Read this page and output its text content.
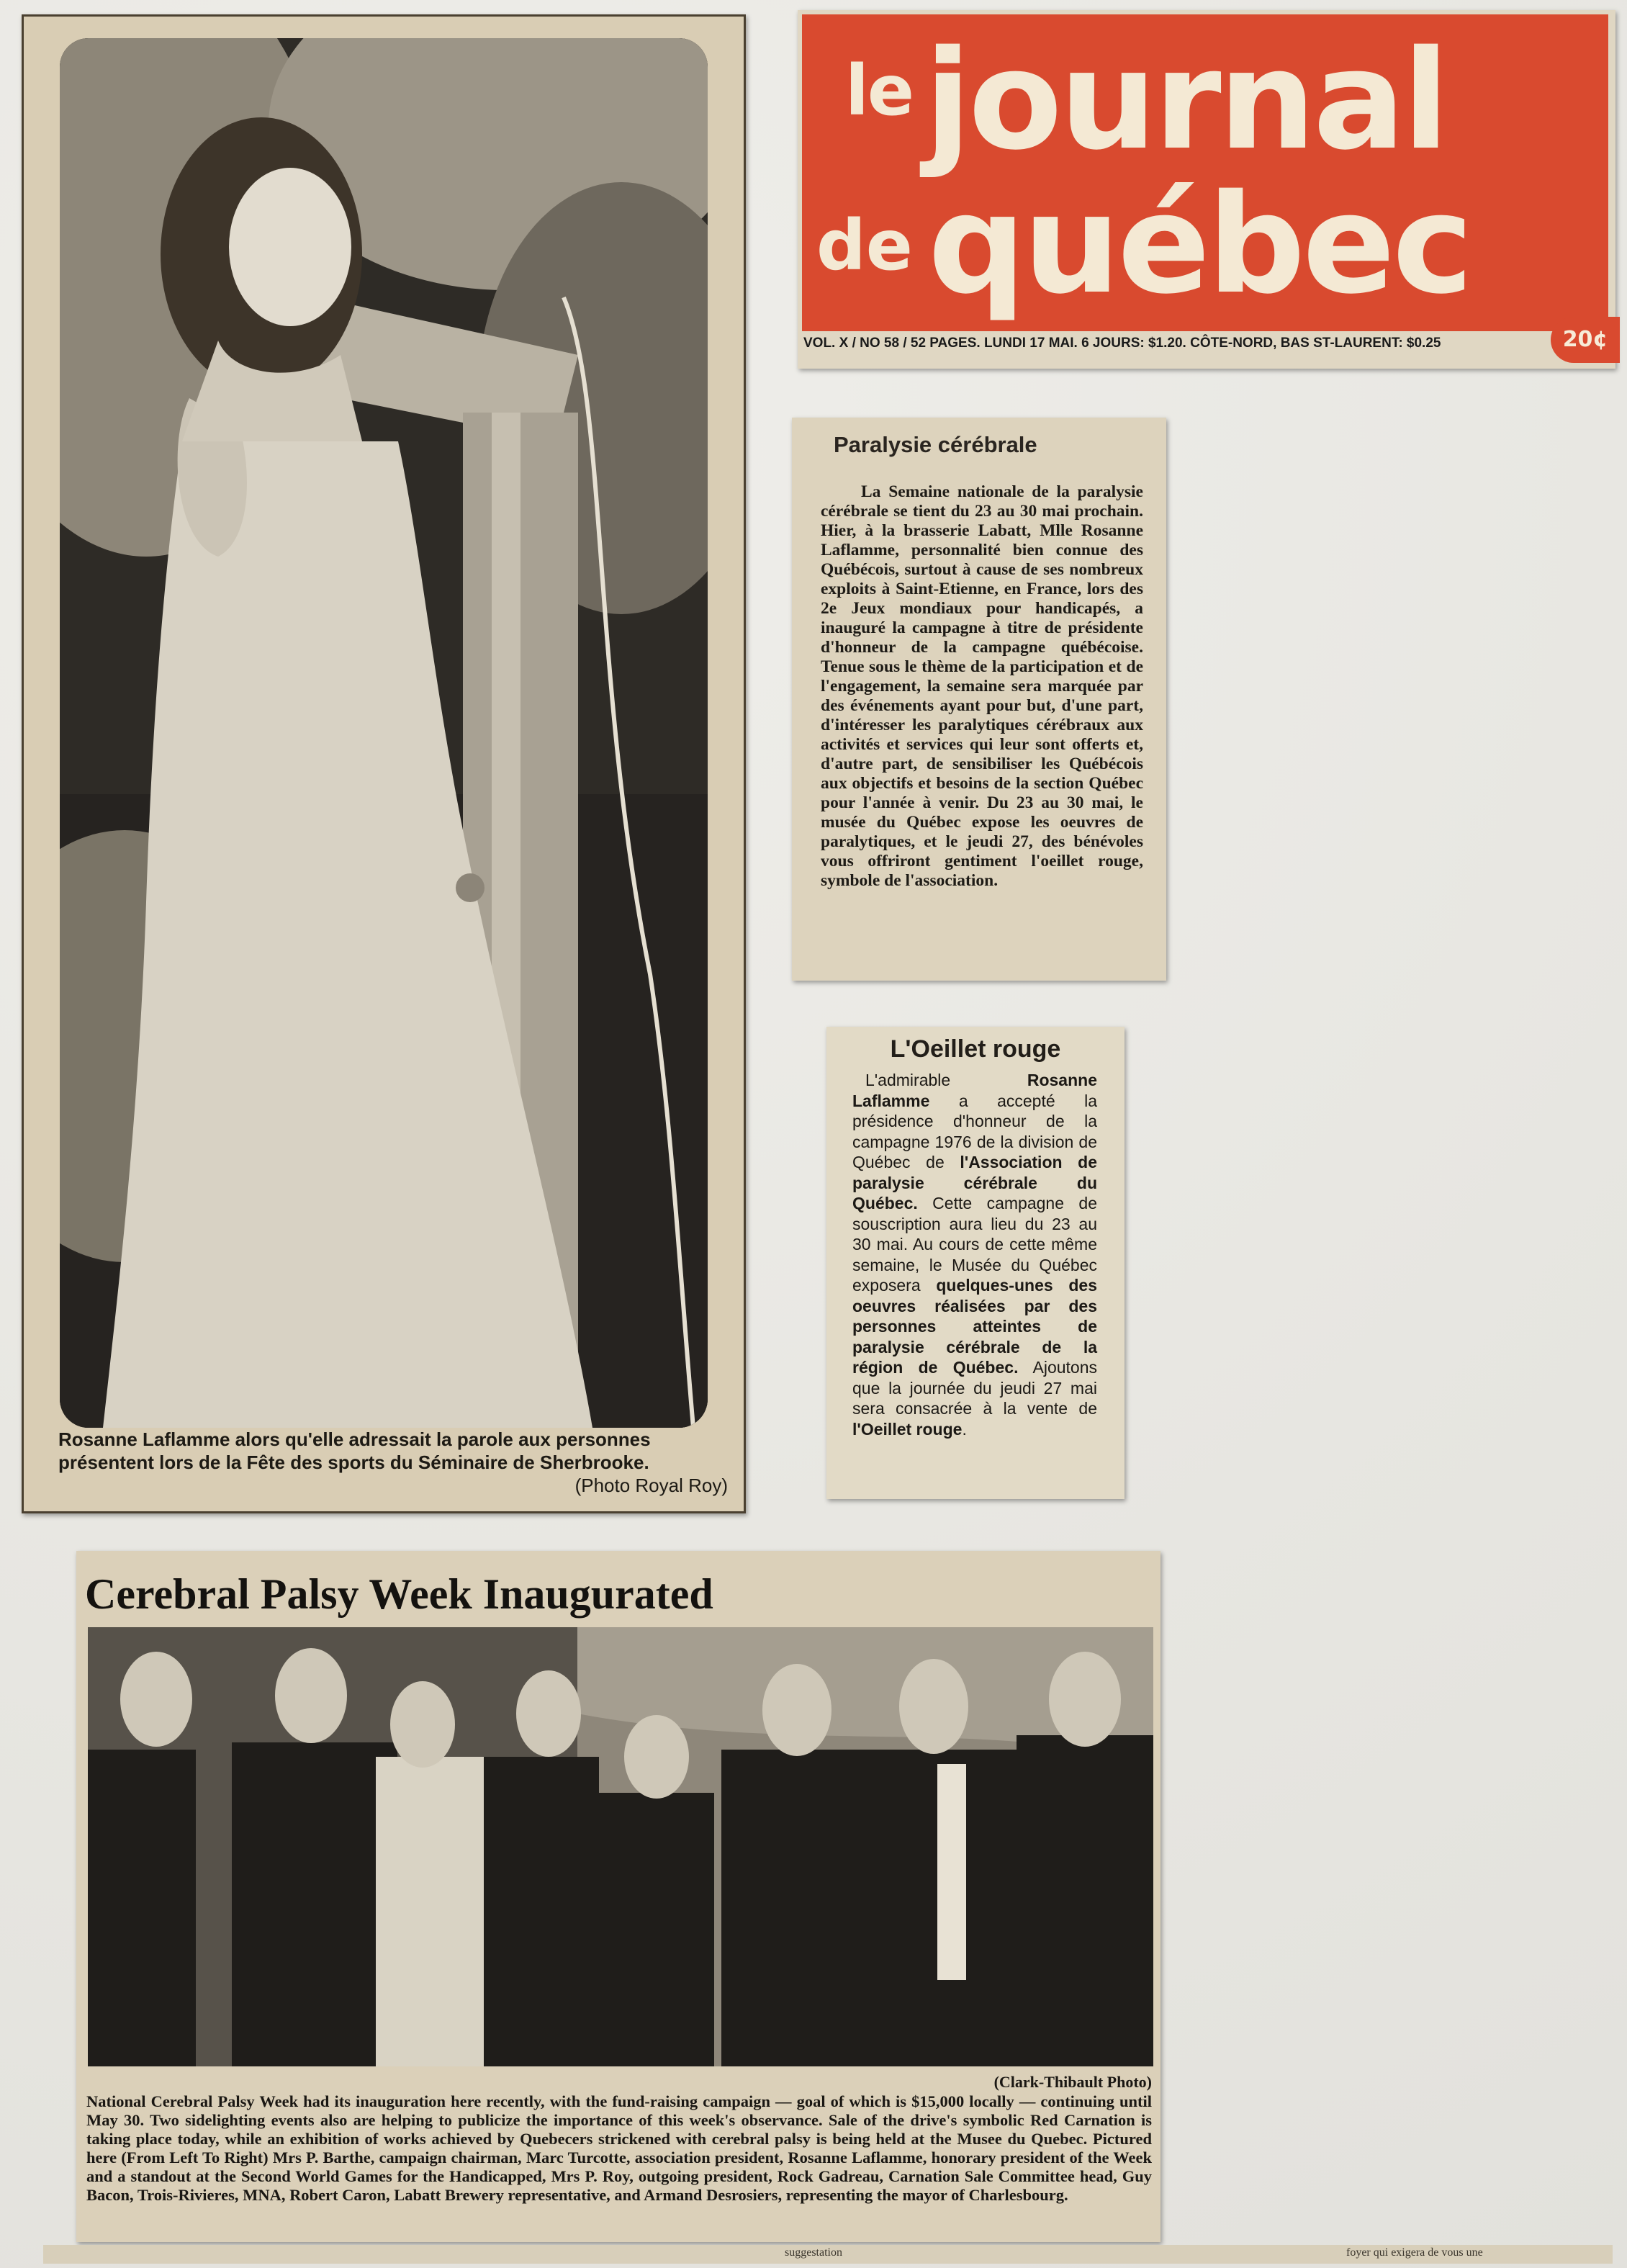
Rosanne Laflamme alors qu'elle adressait la parole aux personnes présentent lors de la Fête des sports du Séminaire de Sherbrooke.
(Photo Royal Roy)
le journal
de québec
VOL. X / NO 58 / 52 PAGES. LUNDI 17 MAI. 6 JOURS: $1.20. CÔTE-NORD, BAS ST-LAURENT: $0.25	20¢
Paralysie cérébrale
La Semaine nationale de la paralysie cérébrale se tient du 23 au 30 mai prochain. Hier, à la brasserie Labatt, Mlle Rosanne Laflamme, personnalité bien connue des Québécois, surtout à cause de ses nombreux exploits à Saint-Etienne, en France, lors des 2e Jeux mondiaux pour handicapés, a inauguré la campagne à titre de présidente d'honneur de la campagne québécoise. Tenue sous le thème de la participation et de l'engagement, la semaine sera marquée par des événements ayant pour but, d'une part, d'intéresser les paralytiques cérébraux aux activités et services qui leur sont offerts et, d'autre part, de sensibiliser les Québécois aux objectifs et besoins de la section Québec pour l'année à venir. Du 23 au 30 mai, le musée du Québec expose les oeuvres de paralytiques, et le jeudi 27, des bénévoles vous offriront gentiment l'oeillet rouge, symbole de l'association.
L'Oeillet rouge
L'admirable Rosanne Laflamme a accepté la présidence d'honneur de la campagne 1976 de la division de Québec de l'Association de paralysie cérébrale du Québec. Cette campagne de souscription aura lieu du 23 au 30 mai. Au cours de cette même semaine, le Musée du Québec exposera quelques-unes des oeuvres réalisées par des personnes atteintes de paralysie cérébrale de la région de Québec. Ajoutons que la journée du jeudi 27 mai sera consacrée à la vente de l'Oeillet rouge.
Cerebral Palsy Week Inaugurated
(Clark-Thibault Photo)
National Cerebral Palsy Week had its inauguration here recently, with the fund-raising campaign — goal of which is $15,000 locally — continuing until May 30. Two sidelighting events also are helping to publicize the importance of this week's observance. Sale of the drive's symbolic Red Carnation is taking place today, while an exhibition of works achieved by Quebecers strickened with cerebral palsy is being held at the Musee du Quebec. Pictured here (From Left To Right) Mrs P. Barthe, campaign chairman, Marc Turcotte, association president, Rosanne Laflamme, honorary president of the Week and a standout at the Second World Games for the Handicapped, Mrs P. Roy, outgoing president, Rock Gadreau, Carnation Sale Committee head, Guy Bacon, Trois-Rivieres, MNA, Robert Caron, Labatt Brewery representative, and Armand Desrosiers, representing the mayor of Charlesbourg.
suggestation	foyer qui exigera de vous une
